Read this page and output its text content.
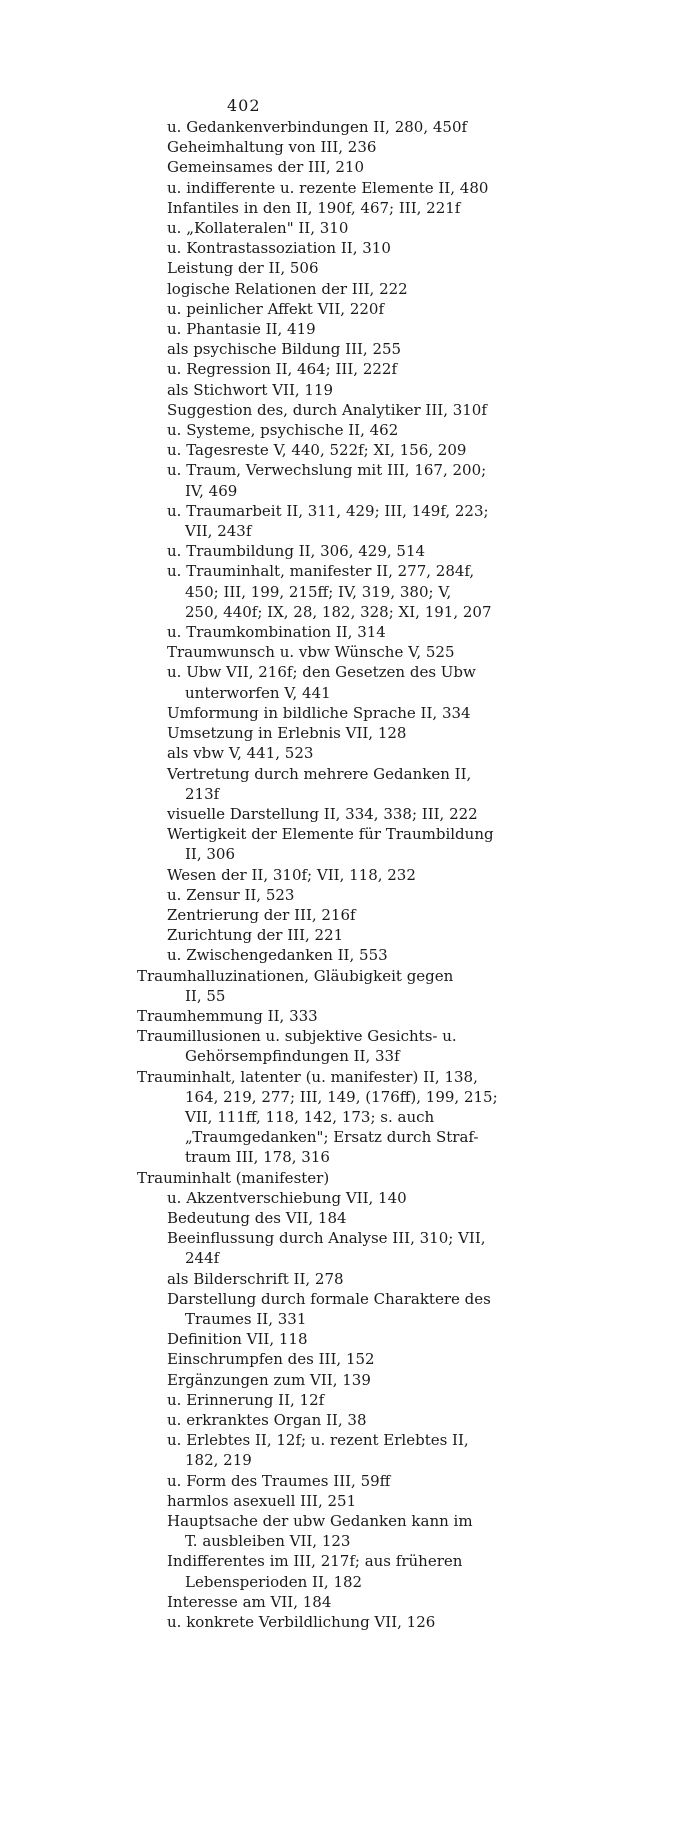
402
u. Gedankenverbindungen II, 280, 450f
Geheimhaltung von III, 236
Gemeinsames der III, 210
u. indifferente u. rezente Elemente II, 480
Infantiles in den II, 190f, 467; III, 221f
u. „Kollateralen" II, 310
u. Kontrastassoziation II, 310
Leistung der II, 506
logische Relationen der III, 222
u. peinlicher Affekt VII, 220f
u. Phantasie II, 419
als psychische Bildung III, 255
u. Regression II, 464; III, 222f
als Stichwort VII, 119
Suggestion des, durch Analytiker III, 310f
u. Systeme, psychische II, 462
u. Tagesreste V, 440, 522f; XI, 156, 209
u. Traum, Verwechslung mit III, 167, 200;
IV, 469
u. Traumarbeit II, 311, 429; III, 149f, 223;
VII, 243f
u. Traumbildung II, 306, 429, 514
u. Trauminhalt, manifester II, 277, 284f,
450; III, 199, 215ff; IV, 319, 380; V,
250, 440f; IX, 28, 182, 328; XI, 191, 207
u. Traumkombination II, 314
Traumwunsch u. vbw Wünsche V, 525
u. Ubw VII, 216f; den Gesetzen des Ubw
unterworfen V, 441
Umformung in bildliche Sprache II, 334
Umsetzung in Erlebnis VII, 128
als vbw V, 441, 523
Vertretung durch mehrere Gedanken II,
213f
visuelle Darstellung II, 334, 338; III, 222
Wertigkeit der Elemente für Traumbildung
II, 306
Wesen der II, 310f; VII, 118, 232
u. Zensur II, 523
Zentrierung der III, 216f
Zurichtung der III, 221
u. Zwischengedanken II, 553
Traumhalluzinationen, Gläubigkeit gegen
II, 55
Traumhemmung II, 333
Traumillusionen u. subjektive Gesichts- u.
Gehörsempfindungen II, 33f
Trauminhalt, latenter (u. manifester) II, 138,
164, 219, 277; III, 149, (176ff), 199, 215;
VII, 111ff, 118, 142, 173; s. auch
„Traumgedanken"; Ersatz durch Straf-
traum III, 178, 316
Trauminhalt (manifester)
u. Akzentverschiebung VII, 140
Bedeutung des VII, 184
Beeinflussung durch Analyse III, 310; VII,
244f
als Bilderschrift II, 278
Darstellung durch formale Charaktere des
Traumes II, 331
Definition VII, 118
Einschrumpfen des III, 152
Ergänzungen zum VII, 139
u. Erinnerung II, 12f
u. erkranktes Organ II, 38
u. Erlebtes II, 12f; u. rezent Erlebtes II,
182, 219
u. Form des Traumes III, 59ff
harmlos asexuell III, 251
Hauptsache der ubw Gedanken kann im
T. ausbleiben VII, 123
Indifferentes im III, 217f; aus früheren
Lebensperioden II, 182
Interesse am VII, 184
u. konkrete Verbildlichung VII, 126
